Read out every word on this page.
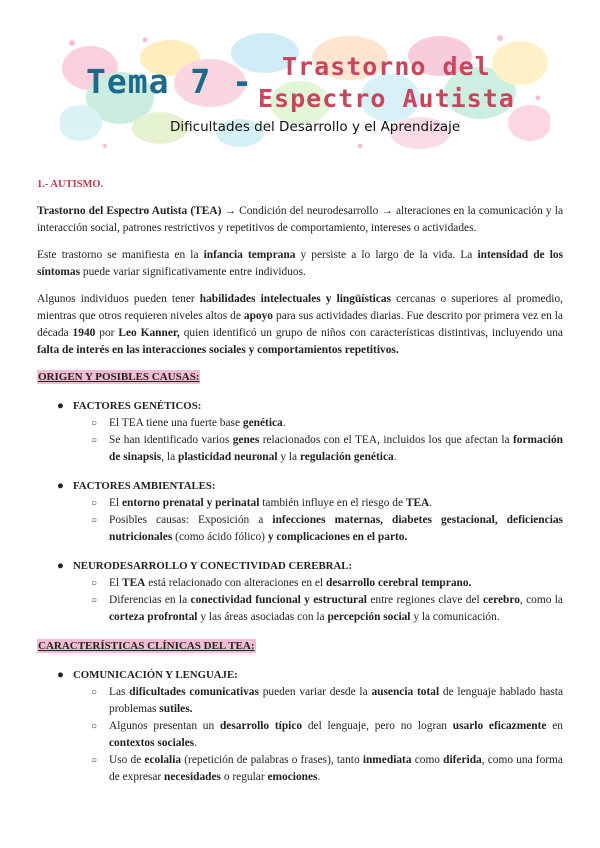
Tema 7 - Trastorno del
Espectro Autista
Dificultades del Desarrollo y el Aprendizaje
1.- AUTISMO.

Trastorno del Espectro Autista (TEA) → Condición del neurodesarrollo → alteraciones en la comunicación y la interacción social, patrones restrictivos y repetitivos de comportamiento, intereses o actividades.

Este trastorno se manifiesta en la infancia temprana y persiste a lo largo de la vida. La intensidad de los síntomas puede variar significativamente entre individuos.

Algunos individuos pueden tener habilidades intelectuales y lingüísticas cercanas o superiores al promedio, mientras que otros requieren niveles altos de apoyo para sus actividades diarias. Fue descrito por primera vez en la década 1940 por Leo Kanner, quien identificó un grupo de niños con características distintivas, incluyendo una falta de interés en las interacciones sociales y comportamientos repetitivos.

ORIGEN Y POSIBLES CAUSAS:
● FACTORES GENÉTICOS:
○ El TEA tiene una fuerte base genética.
○ Se han identificado varios genes relacionados con el TEA, incluidos los que afectan la formación de sinapsis, la plasticidad neuronal y la regulación genética.
● FACTORES AMBIENTALES:
○ El entorno prenatal y perinatal también influye en el riesgo de TEA.
○ Posibles causas: Exposición a infecciones maternas, diabetes gestacional, deficiencias nutricionales (como ácido fólico) y complicaciones en el parto.
● NEURODESARROLLO Y CONECTIVIDAD CEREBRAL:
○ El TEA está relacionado con alteraciones en el desarrollo cerebral temprano.
○ Diferencias en la conectividad funcional y estructural entre regiones clave del cerebro, como la corteza profrontal y las áreas asociadas con la percepción social y la comunicación.
CARACTERÍSTICAS CLÍNICAS DEL TEA:
● COMUNICACIÓN Y LENGUAJE:
○ Las dificultades comunicativas pueden variar desde la ausencia total de lenguaje hablado hasta problemas sutiles.
○ Algunos presentan un desarrollo típico del lenguaje, pero no logran usarlo eficazmente en contextos sociales.
○ Uso de ecolalia (repetición de palabras o frases), tanto inmediata como diferida, como una forma de expresar necesidades o regular emociones.
